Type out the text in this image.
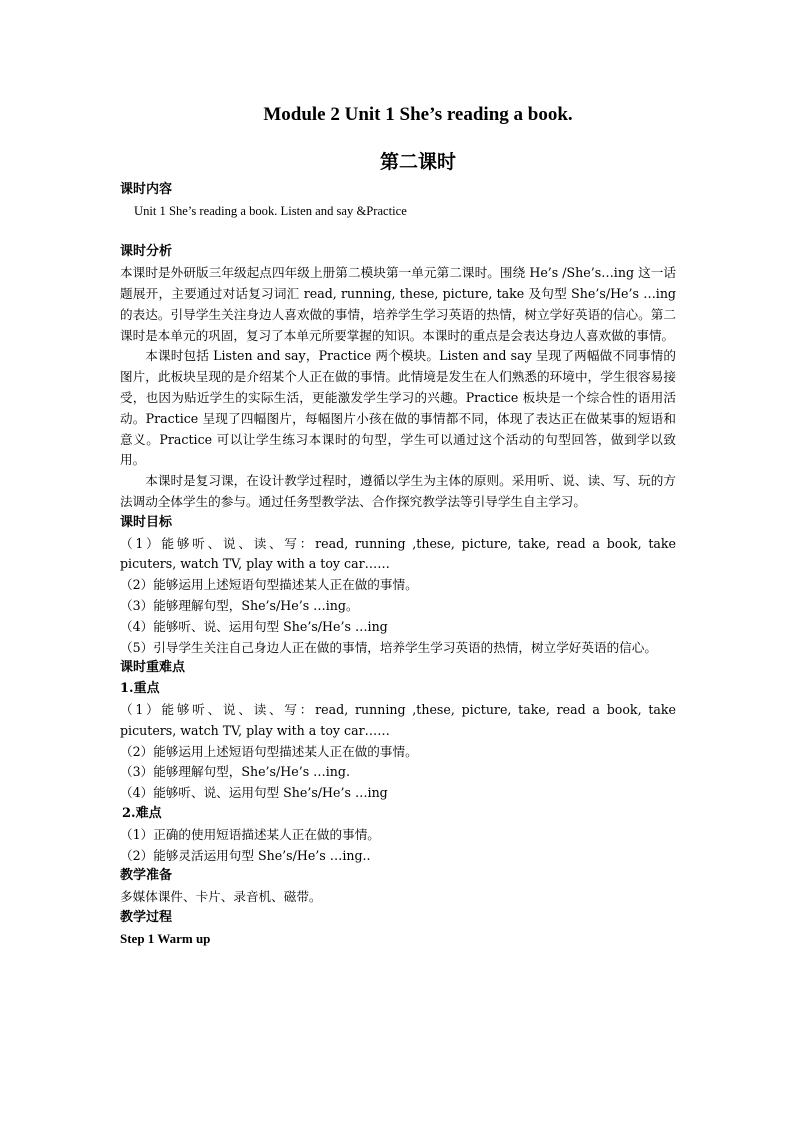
Module 2 Unit 1 She’s reading a book.
第二课时

课时内容

Unit 1 She’s reading a book. Listen and say &Practice

课时分析

本课时是外研版三年级起点四年级上册第二模块第一单元第二课时。围绕 He’s /She’s…ing 这一话题展开，主要通过对话复习词汇 read, running, these, picture, take 及句型 She’s/He’s …ing 的表达。引导学生关注身边人喜欢做的事情，培养学生学习英语的热情，树立学好英语的信心。第二课时是本单元的巩固，复习了本单元所要掌握的知识。本课时的重点是会表达身边人喜欢做的事情。

本课时包括 Listen and say，Practice 两个模块。Listen and say 呈现了两幅做不同事情的图片，此板块呈现的是介绍某个人正在做的事情。此情境是发生在人们熟悉的环境中，学生很容易接受，也因为贴近学生的实际生活，更能激发学生学习的兴趣。Practice 板块是一个综合性的语用活动。Practice 呈现了四幅图片，每幅图片小孩在做的事情都不同，体现了表达正在做某事的短语和意义。Practice 可以让学生练习本课时的句型，学生可以通过这个活动的句型回答，做到学以致用。

本课时是复习课，在设计教学过程时，遵循以学生为主体的原则。采用听、说、读、写、玩的方法调动全体学生的参与。通过任务型教学法、合作探究教学法等引导学生自主学习。

课时目标

（1）能够听、说、读、写：read, running ,these, picture, take, read a book, take picuters, watch TV, play with a toy car……

（2）能够运用上述短语句型描述某人正在做的事情。

（3）能够理解句型，She’s/He’s …ing。

（4）能够听、说、运用句型 She’s/He’s …ing

（5）引导学生关注自己身边人正在做的事情，培养学生学习英语的热情，树立学好英语的信心。

课时重难点

1.重点

（1）能够听、说、读、写：read, running ,these, picture, take, read a book, take picuters, watch TV, play with a toy car……

（2）能够运用上述短语句型描述某人正在做的事情。

（3）能够理解句型，She’s/He’s …ing.

（4）能够听、说、运用句型 She’s/He’s …ing

2.难点

（1）正确的使用短语描述某人正在做的事情。

（2）能够灵活运用句型 She’s/He’s …ing..

教学准备

多媒体课件、卡片、录音机、磁带。

教学过程

Step 1 Warm up
